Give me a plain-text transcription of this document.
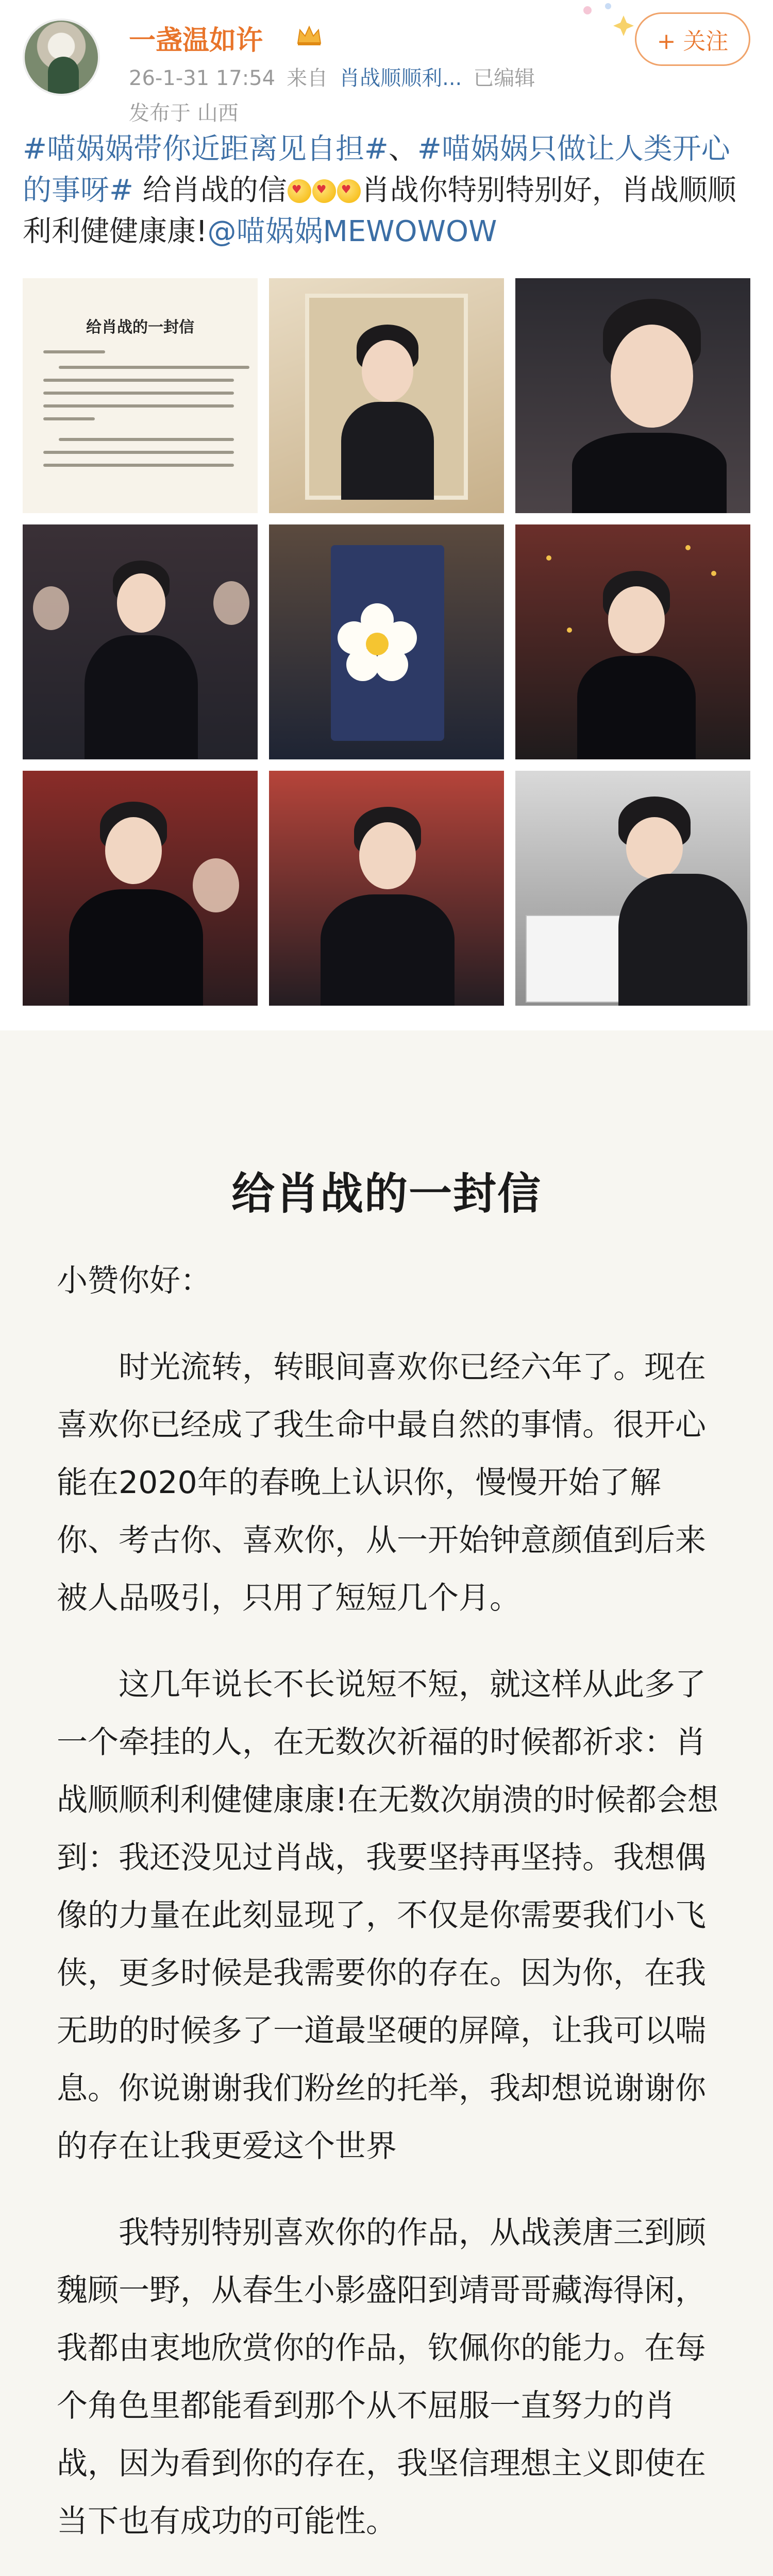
一盏温如许
26-1-31 17:54 来自 肖战顺顺利... 已编辑
发布于 山西
+ 关注
#喵娲娲带你近距离见自担#、#喵娲娲只做让人类开心的事呀# 给肖战的信 ♥ ♥ ♥	肖战你特别特别好，肖战顺顺利利健健康康!@喵娲娲MEWOWOW
给肖战的一封信
给肖战的一封信
小赞你好：

时光流转，转眼间喜欢你已经六年了。现在喜欢你已经成了我生命中最自然的事情。很开心能在2020年的春晚上认识你，慢慢开始了解你、考古你、喜欢你，从一开始钟意颜值到后来被人品吸引，只用了短短几个月。

这几年说长不长说短不短，就这样从此多了一个牵挂的人，在无数次祈福的时候都祈求：肖战顺顺利利健健康康!在无数次崩溃的时候都会想到：我还没见过肖战，我要坚持再坚持。我想偶像的力量在此刻显现了，不仅是你需要我们小飞侠，更多时候是我需要你的存在。因为你，在我无助的时候多了一道最坚硬的屏障，让我可以喘息。你说谢谢我们粉丝的托举，我却想说谢谢你的存在让我更爱这个世界

我特别特别喜欢你的作品，从战羡唐三到顾魏顾一野，从春生小影盛阳到靖哥哥藏海得闲，我都由衷地欣赏你的作品，钦佩你的能力。在每个角色里都能看到那个从不屈服一直努力的肖战，因为看到你的存在，我坚信理想主义即使在当下也有成功的可能性。
